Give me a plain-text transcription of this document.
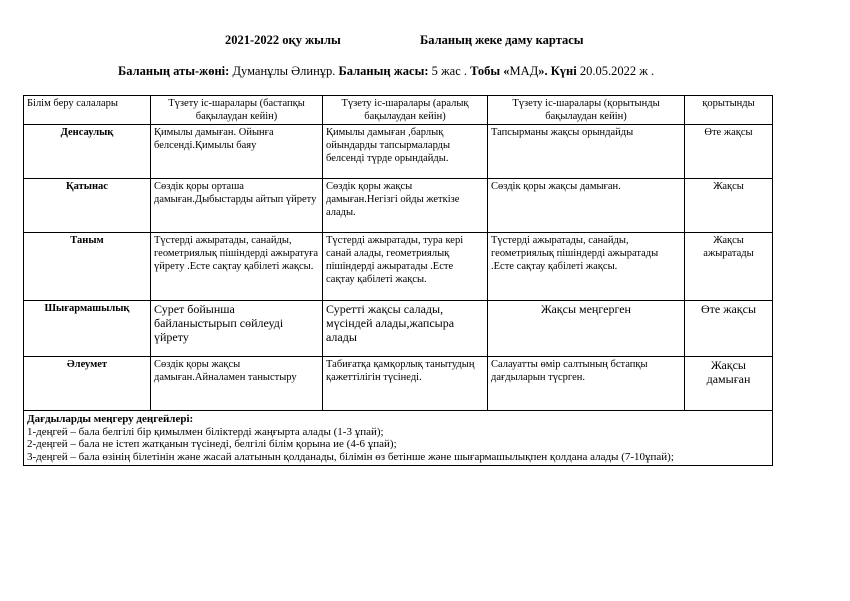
2021-2022 оқу жылы	Баланың жеке даму картасы
Баланың аты-жөні: Думанұлы Әлинұр. Баланың жасы: 5 жас . Тобы «МАД». Күні 20.05.2022 ж .
Білім беру салалары	Түзету іс-шаралары (бастапқы бақылаудан кейін)	Түзету іс-шаралары (аралық бақылаудан кейін)	Түзету іс-шаралары (қорытынды бақылаудан кейін)	қорытынды
Денсаулық	Қимылы дамыған. Ойынға белсенді.Қимылы баяу	Қимылы дамыған ,барлық ойындарды тапсырмаларды белсенді түрде орындайды.	Тапсырманы жақсы орындайды	Өте жақсы
Қатынас	Сөздік қоры орташа дамыған.Дыбыстарды айтып үйрету	Сөздік қоры жақсы дамыған.Негізгі ойды жеткізе алады.	Сөздік қоры жақсы дамыған.	Жақсы
Таным	Түстерді ажыратады, санайды, геометриялық пішіндерді ажыратуға үйрету .Есте сақтау қабілеті жақсы.	Түстерді ажыратады, тура кері санай алады, геометриялық пішіндерді ажыратады .Есте сақтау қабілеті жақсы.	Түстерді ажыратады, санайды, геометриялық пішіндерді ажыратады .Есте сақтау қабілеті жақсы.	Жақсы ажыратады
Шығармашылық	Сурет бойынша байланыстырып сөйлеуді үйрету	Суретті жақсы салады, мүсіндей алады,жапсыра алады	Жақсы меңгерген	Өте жақсы
Әлеумет	Сөздік қоры жақсы дамыған.Айналамен таныстыру	Табиғатқа қамқорлық танытудың қажеттілігін түсінеді.	Салауатты өмір салтының бстапқы дағдыларын түсрген.	Жақсы дамыған

Дағдыларды меңгеру деңгейлері:
1-деңгей – бала белгілі бір қимылмен біліктерді жаңғырта алады (1-3 ұпай);
2-деңгей – бала не істеп жатқанын түсінеді, белгілі білім қорына ие (4-6 ұпай);
3-деңгей – бала өзінің білетінін және жасай алатынын қолданады, білімін өз бетінше және шығармашылықпен қолдана алады (7-10ұпай);				
